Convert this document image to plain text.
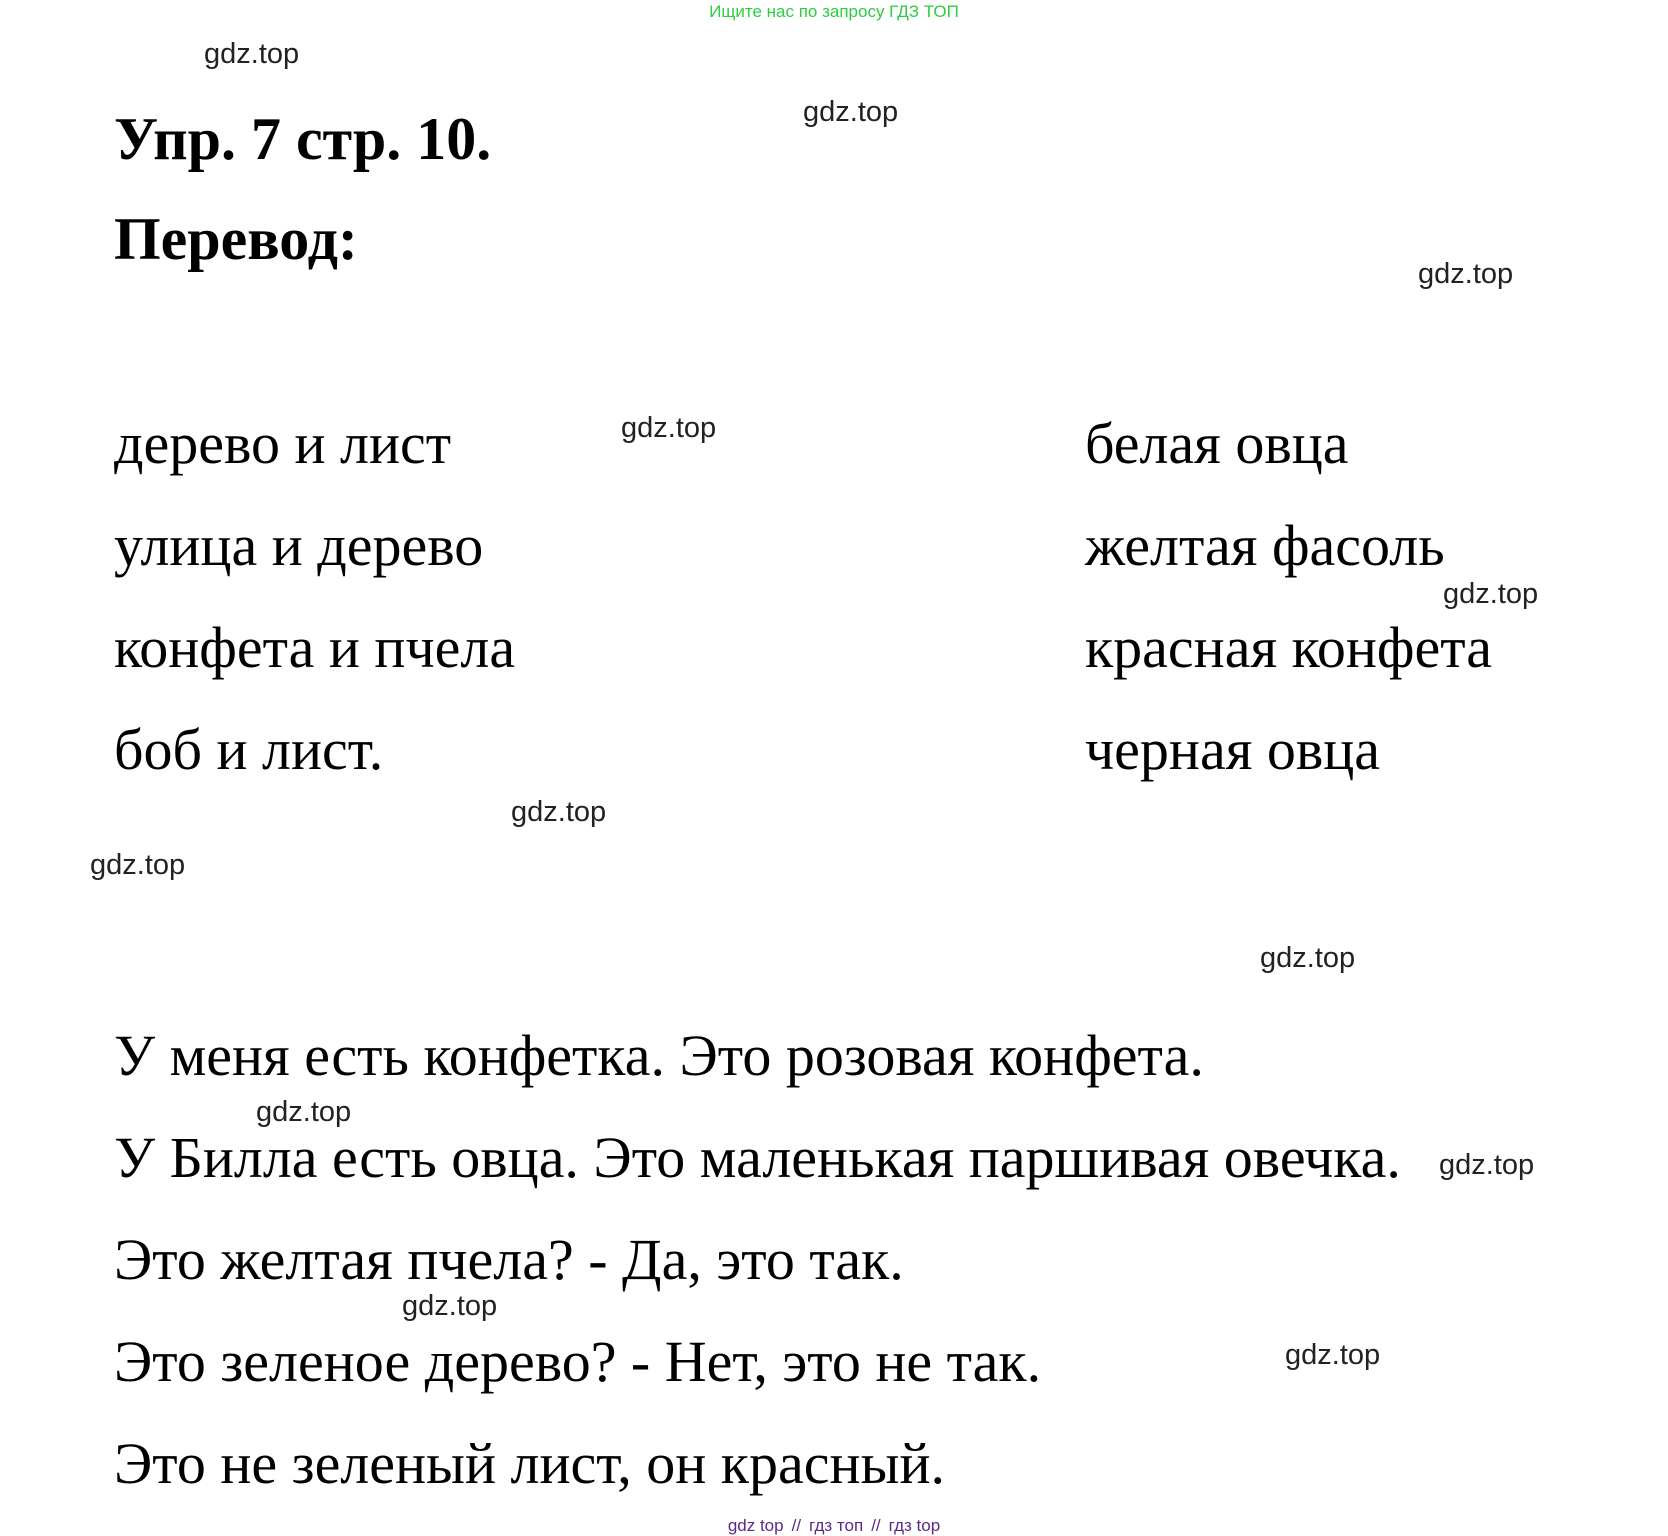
Ищите нас по запросу ГДЗ ТОП
Упр. 7 стр. 10.
Перевод:
дерево и лист
улица и дерево
конфета и пчела
боб и лист.
белая овца
желтая фасоль
красная конфета
черная овца
У меня есть конфетка. Это розовая конфета.
У Билла есть овца. Это маленькая паршивая овечка.
Это желтая пчела? - Да, это так.
Это зеленое дерево? - Нет, это не так.
Это не зеленый лист, он красный.
gdz.top
gdz.top
gdz.top
gdz.top
gdz.top
gdz.top
gdz.top
gdz.top
gdz.top
gdz.top
gdz.top
gdz.top
gdz top // гдз топ // гдз top
